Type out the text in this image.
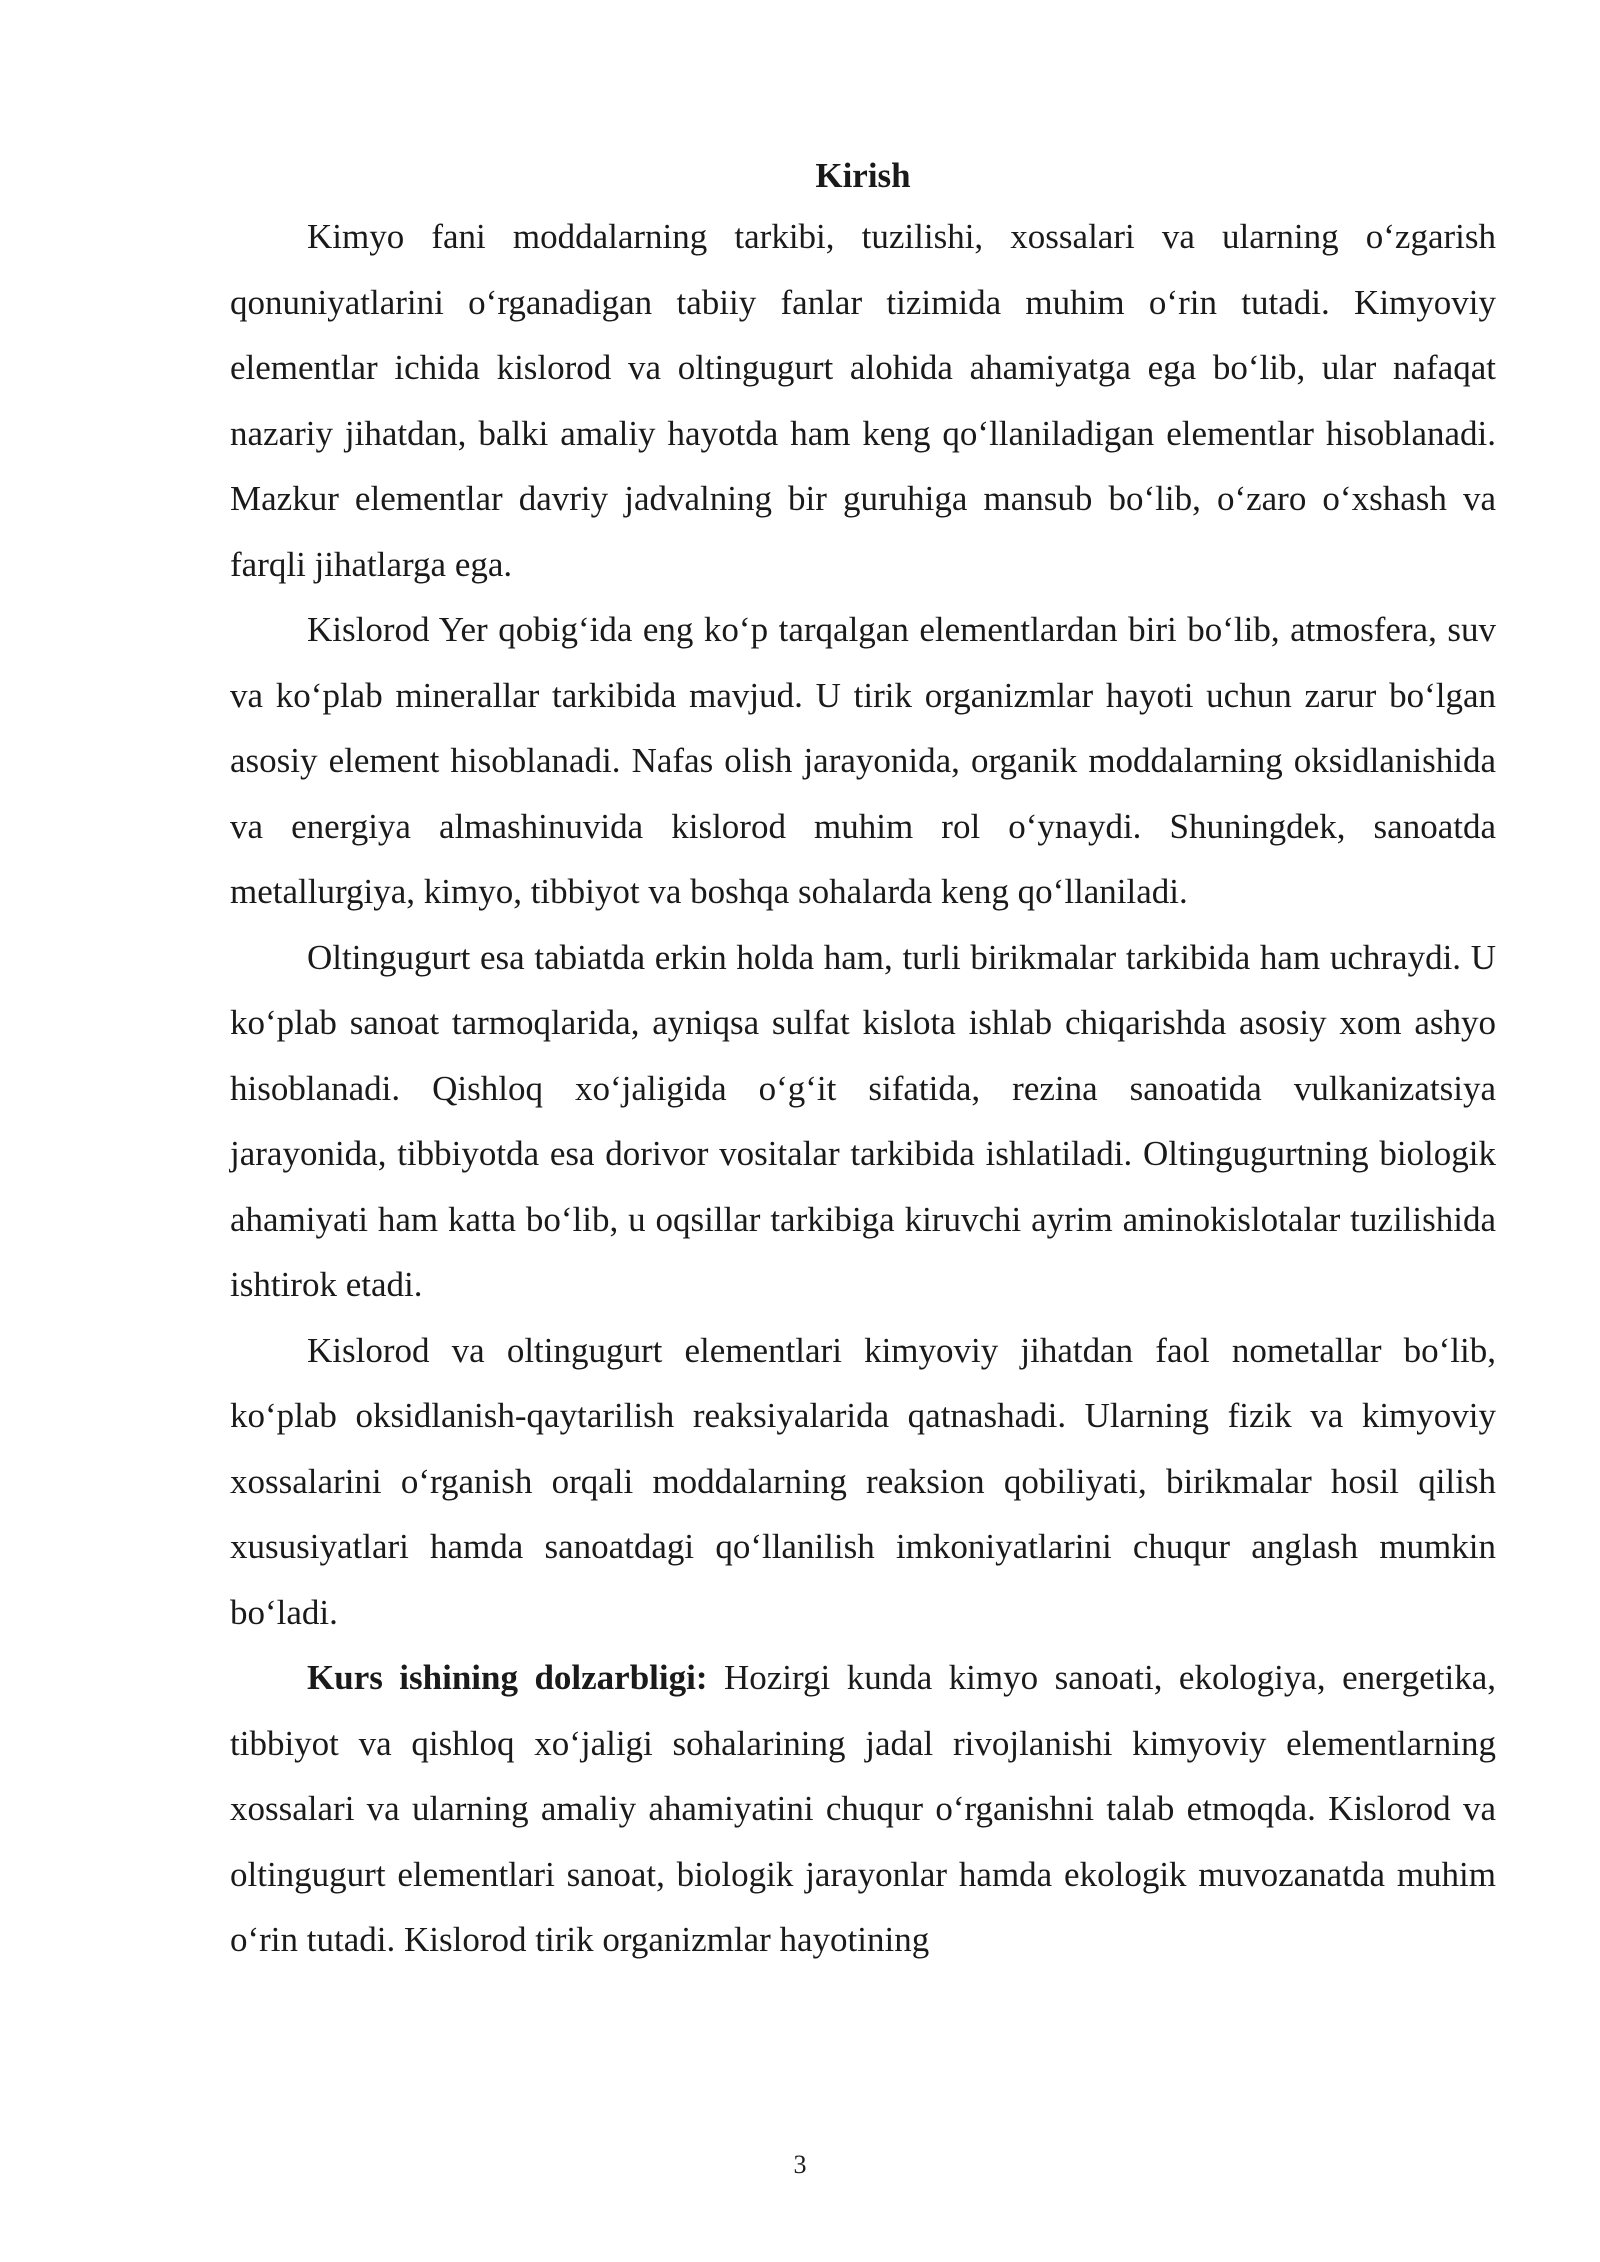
Kirish

Kimyo fani moddalarning tarkibi, tuzilishi, xossalari va ularning o‘zgarish qonuniyatlarini o‘rganadigan tabiiy fanlar tizimida muhim o‘rin tutadi. Kimyoviy elementlar ichida kislorod va oltingugurt alohida ahamiyatga ega bo‘lib, ular nafaqat nazariy jihatdan, balki amaliy hayotda ham keng qo‘llaniladigan elementlar hisoblanadi. Mazkur elementlar davriy jadvalning bir guruhiga mansub bo‘lib, o‘zaro o‘xshash va farqli jihatlarga ega.

Kislorod Yer qobig‘ida eng ko‘p tarqalgan elementlardan biri bo‘lib, atmosfera, suv va ko‘plab minerallar tarkibida mavjud. U tirik organizmlar hayoti uchun zarur bo‘lgan asosiy element hisoblanadi. Nafas olish jarayonida, organik moddalarning oksidlanishida va energiya almashinuvida kislorod muhim rol o‘ynaydi. Shuningdek, sanoatda metallurgiya, kimyo, tibbiyot va boshqa sohalarda keng qo‘llaniladi.

Oltingugurt esa tabiatda erkin holda ham, turli birikmalar tarkibida ham uchraydi. U ko‘plab sanoat tarmoqlarida, ayniqsa sulfat kislota ishlab chiqarishda asosiy xom ashyo hisoblanadi. Qishloq xo‘jaligida o‘g‘it sifatida, rezina sanoatida vulkanizatsiya jarayonida, tibbiyotda esa dorivor vositalar tarkibida ishlatiladi. Oltingugurtning biologik ahamiyati ham katta bo‘lib, u oqsillar tarkibiga kiruvchi ayrim aminokislotalar tuzilishida ishtirok etadi.

Kislorod va oltingugurt elementlari kimyoviy jihatdan faol nometallar bo‘lib, ko‘plab oksidlanish-qaytarilish reaksiyalarida qatnashadi. Ularning fizik va kimyoviy xossalarini o‘rganish orqali moddalarning reaksion qobiliyati, birikmalar hosil qilish xususiyatlari hamda sanoatdagi qo‘llanilish imkoniyatlarini chuqur anglash mumkin bo‘ladi.

Kurs ishining dolzarbligi: Hozirgi kunda kimyo sanoati, ekologiya, energetika, tibbiyot va qishloq xo‘jaligi sohalarining jadal rivojlanishi kimyoviy elementlarning xossalari va ularning amaliy ahamiyatini chuqur o‘rganishni talab etmoqda. Kislorod va oltingugurt elementlari sanoat, biologik jarayonlar hamda ekologik muvozanatda muhim o‘rin tutadi. Kislorod tirik organizmlar hayotining

3
